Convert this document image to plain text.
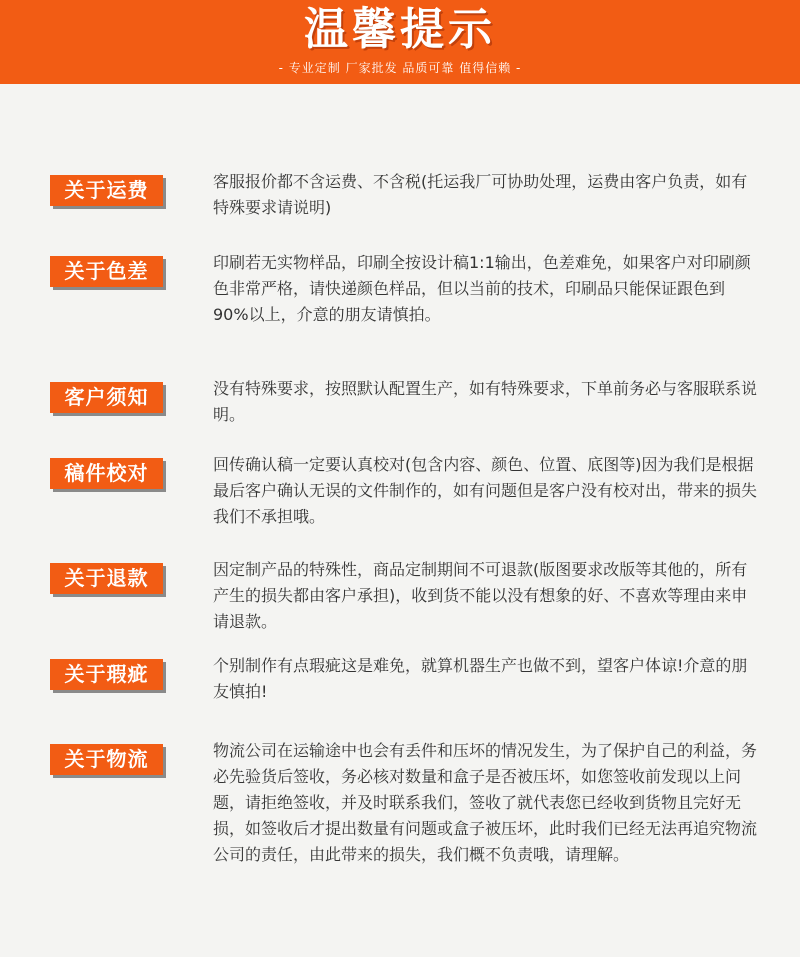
温馨提示
- 专业定制 厂家批发 品质可靠 值得信赖 -
关于运费	客服报价都不含运费、不含税(托运我厂可协助处理，运费由客户负责，如有特殊要求请说明)

关于色差	印刷若无实物样品，印刷全按设计稿1:1输出，色差难免，如果客户对印刷颜色非常严格，请快递颜色样品，但以当前的技术，印刷品只能保证跟色到90%以上，介意的朋友请慎拍。

客户须知	没有特殊要求，按照默认配置生产，如有特殊要求，下单前务必与客服联系说明。

稿件校对	回传确认稿一定要认真校对(包含内容、颜色、位置、底图等)因为我们是根据最后客户确认无误的文件制作的，如有问题但是客户没有校对出，带来的损失我们不承担哦。

关于退款	因定制产品的特殊性，商品定制期间不可退款(版图要求改版等其他的，所有产生的损失都由客户承担)，收到货不能以没有想象的好、不喜欢等理由来申请退款。

关于瑕疵	个别制作有点瑕疵这是难免，就算机器生产也做不到，望客户体谅!介意的朋友慎拍!

关于物流	物流公司在运输途中也会有丢件和压坏的情况发生，为了保护自己的利益，务必先验货后签收，务必核对数量和盒子是否被压坏，如您签收前发现以上问题，请拒绝签收，并及时联系我们，签收了就代表您已经收到货物且完好无损，如签收后才提出数量有问题或盒子被压坏，此时我们已经无法再追究物流公司的责任，由此带来的损失，我们概不负责哦，请理解。
